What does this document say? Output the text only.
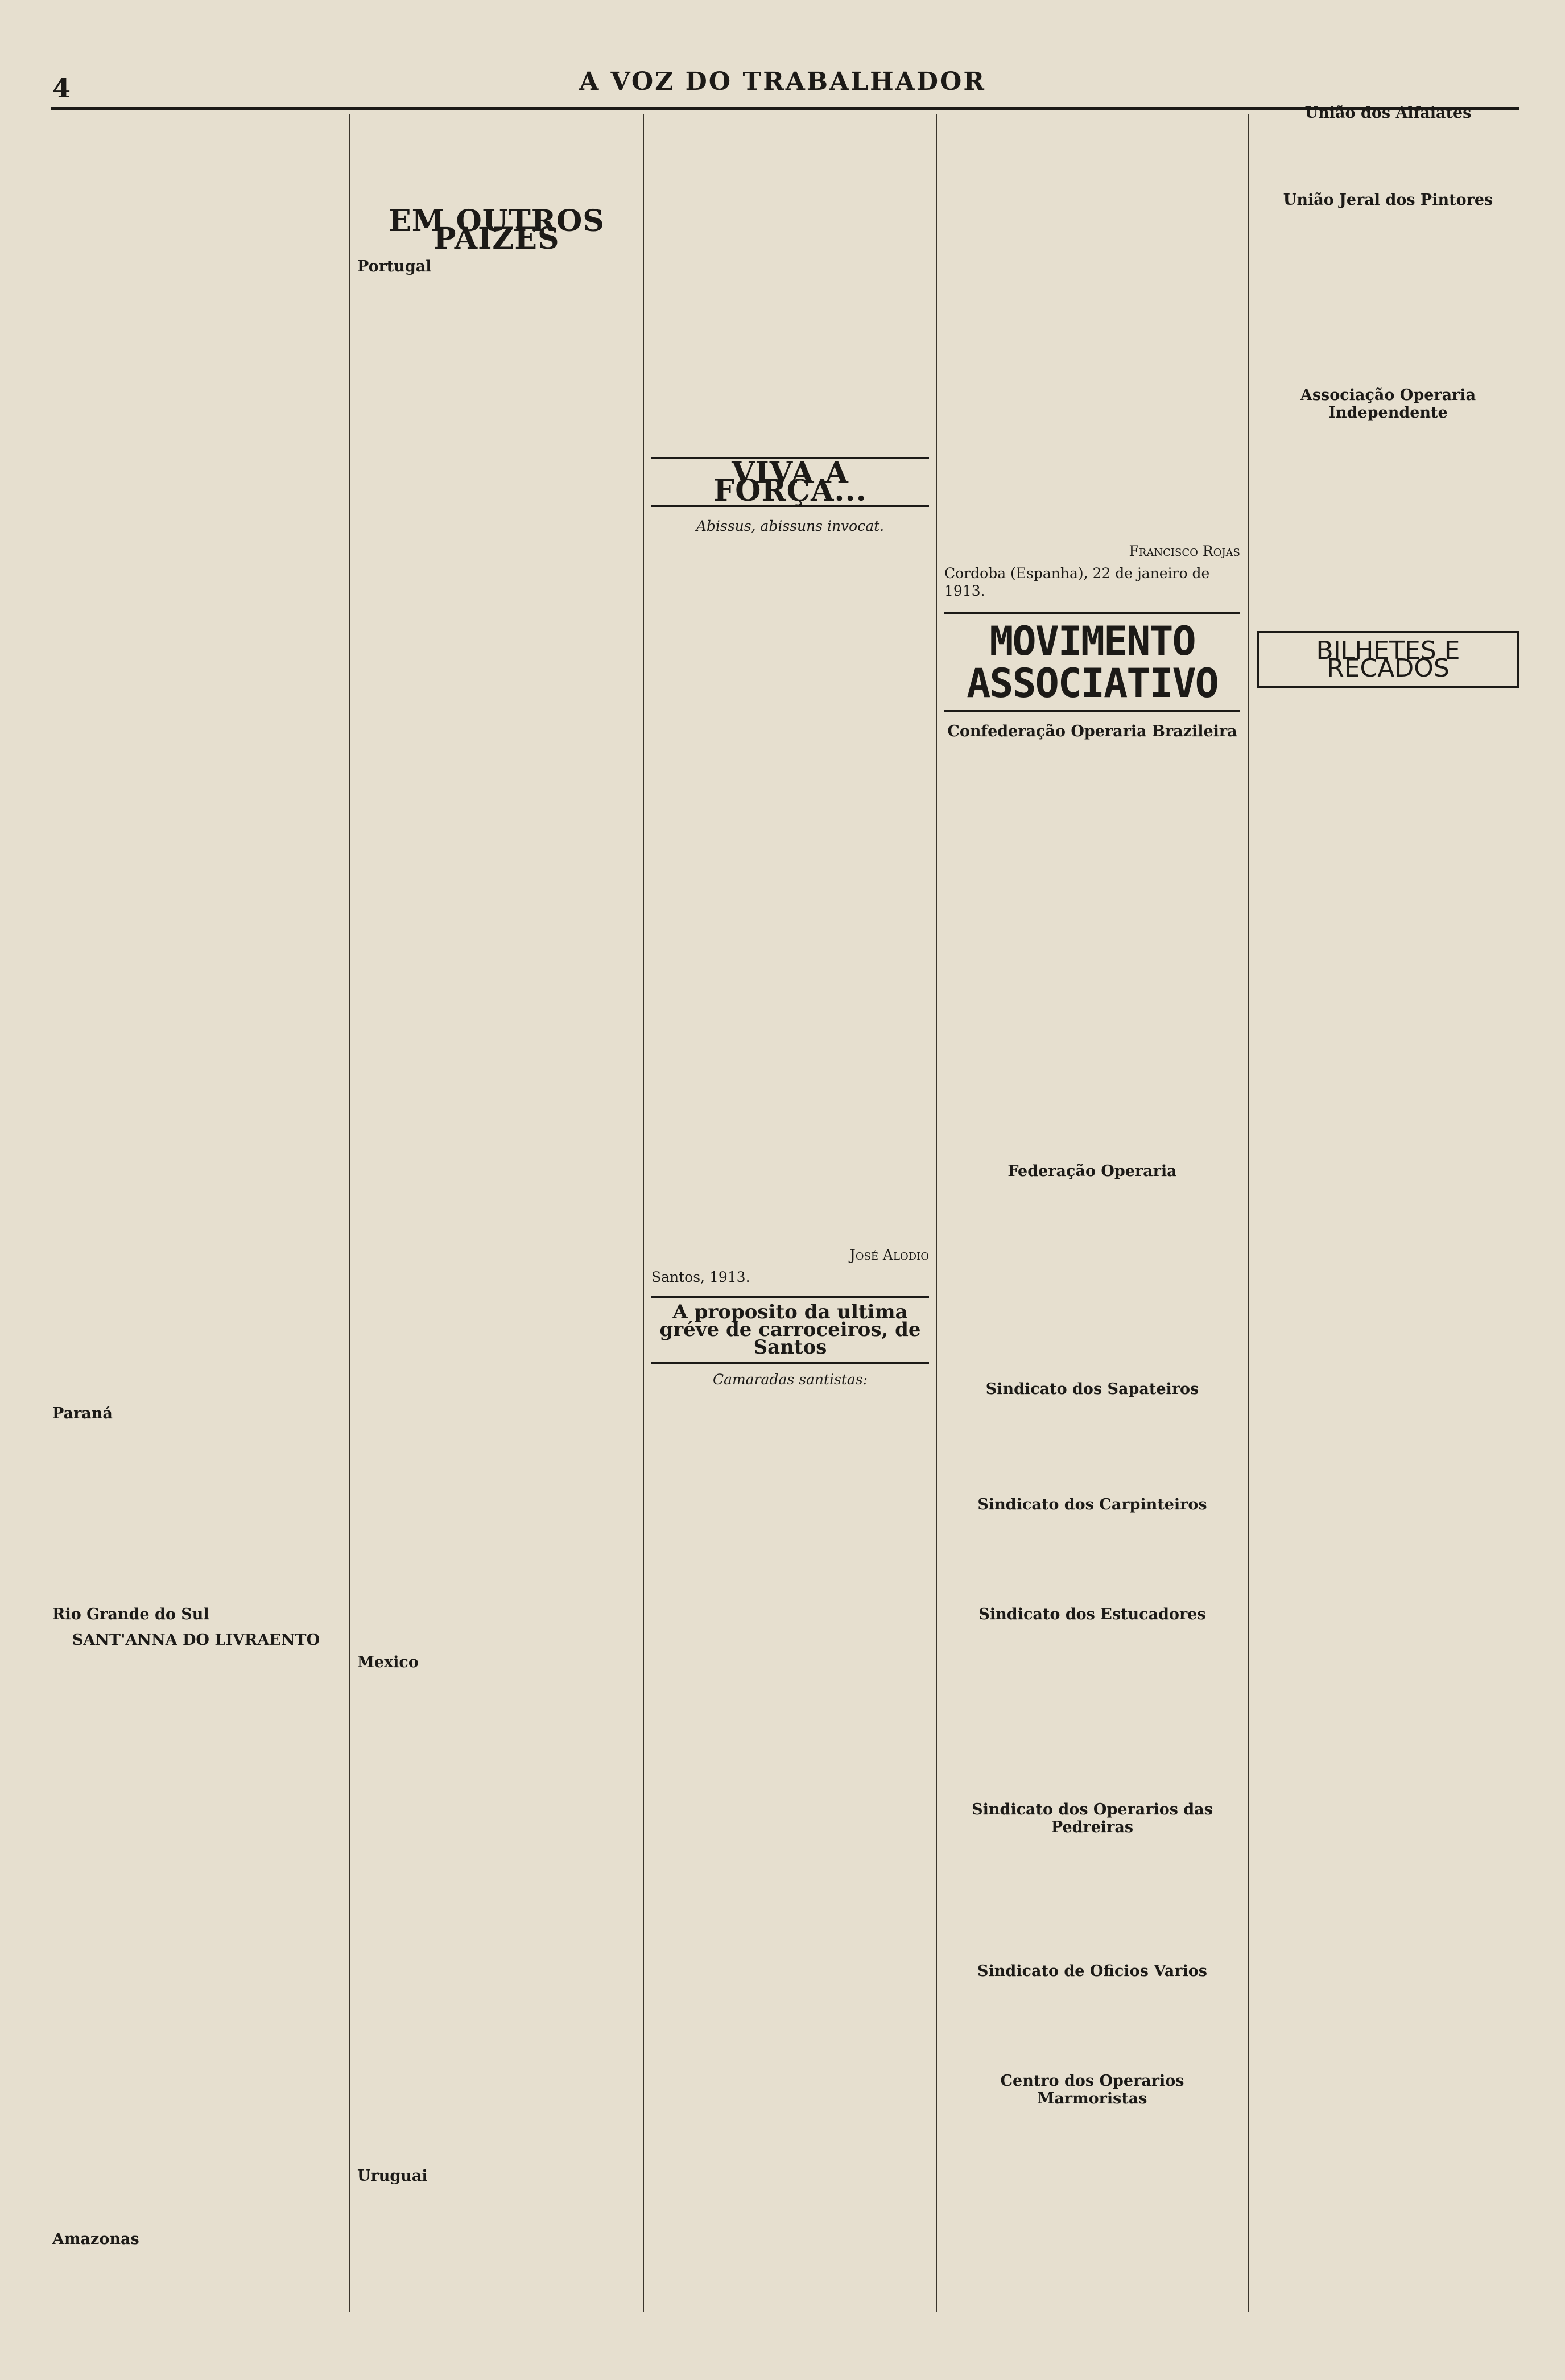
4	A VOZ DO TRABALHADOR
Paraná
Rio Grande do Sul
SANT'ANNA DO LIVRAENTO
Amazonas
EM OUTROS PAIZES
Portugal
Mexico
Uruguai
VIVA A FORÇA...
Abissus, abissuns invocat.
José Alodio
Santos, 1913.
A proposito da ultima gréve de carroceiros, de Santos
Camaradas santistas:
Francisco Rojas
Cordoba (Espanha), 22 de janeiro de 1913.
MOVIMENTO ASSOCIATIVO
Confederação Operaria Brazileira
Federação Operaria
Sindicato dos Sapateiros
Sindicato dos Carpinteiros
Sindicato dos Estucadores
Sindicato dos Operarios das Pedreiras
Sindicato de Oficios Varios
Centro dos Operarios Marmoristas
União dos Alfaiates
União Jeral dos Pintores
Associação Operaria Independente
BILHETES E RECADOS
